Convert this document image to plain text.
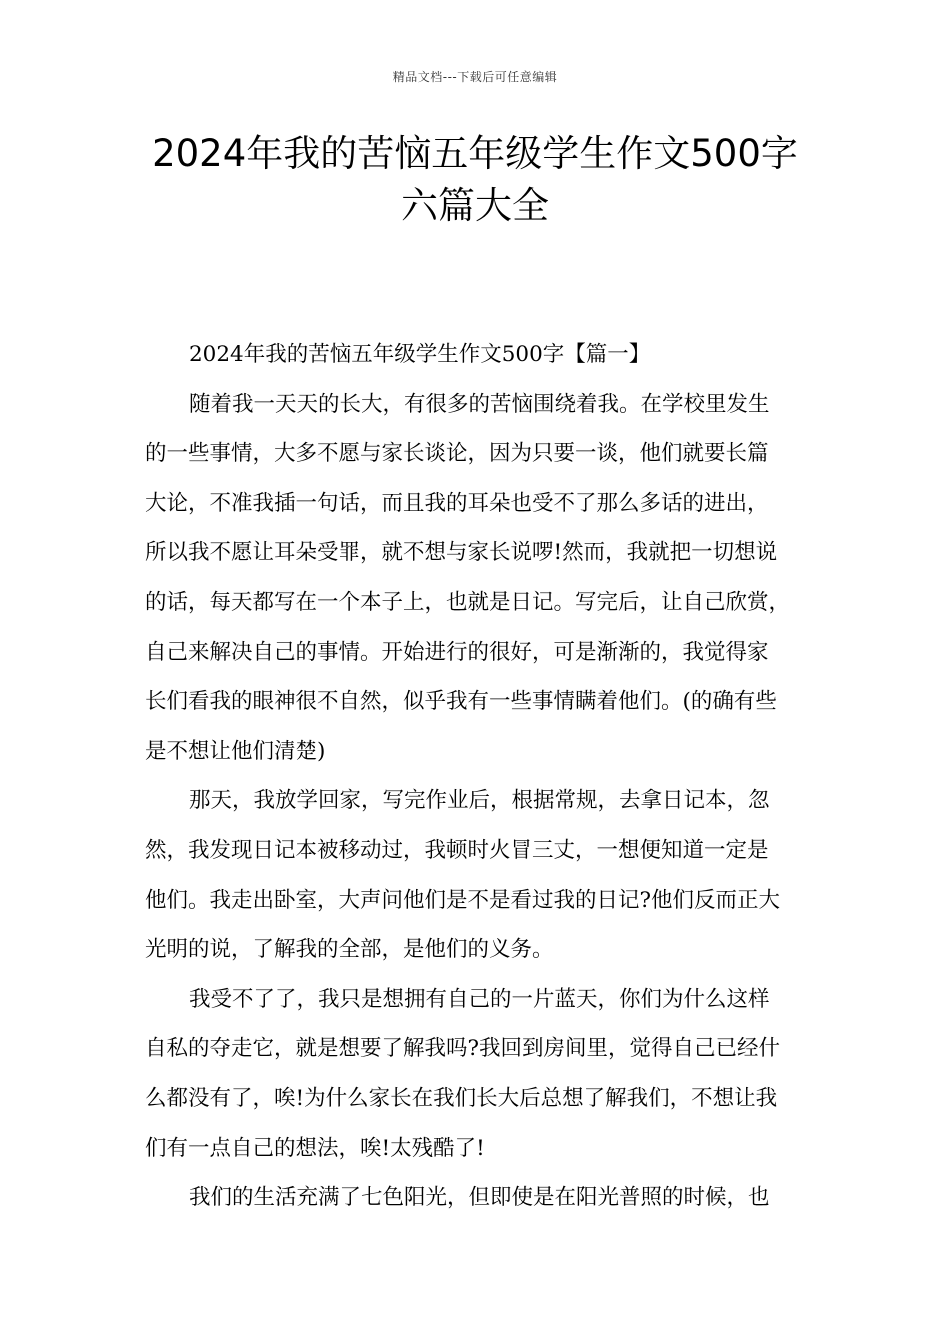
精品文档---下载后可任意编辑
2024年我的苦恼五年级学生作文500字
六篇大全
2024年我的苦恼五年级学生作文500字【篇一】
随着我一天天的长大，有很多的苦恼围绕着我。在学校里发生
的一些事情，大多不愿与家长谈论，因为只要一谈，他们就要长篇
大论，不准我插一句话，而且我的耳朵也受不了那么多话的进出，
所以我不愿让耳朵受罪，就不想与家长说啰!然而，我就把一切想说
的话，每天都写在一个本子上，也就是日记。写完后，让自己欣赏，
自己来解决自己的事情。开始进行的很好，可是渐渐的，我觉得家
长们看我的眼神很不自然，似乎我有一些事情瞒着他们。(的确有些
是不想让他们清楚)
那天，我放学回家，写完作业后，根据常规，去拿日记本，忽
然，我发现日记本被移动过，我顿时火冒三丈，一想便知道一定是
他们。我走出卧室，大声问他们是不是看过我的日记?他们反而正大
光明的说，了解我的全部，是他们的义务。
我受不了了，我只是想拥有自己的一片蓝天，你们为什么这样
自私的夺走它，就是想要了解我吗?我回到房间里，觉得自己已经什
么都没有了，唉!为什么家长在我们长大后总想了解我们，不想让我
们有一点自己的想法，唉!太残酷了!
我们的生活充满了七色阳光，但即使是在阳光普照的时候，也
